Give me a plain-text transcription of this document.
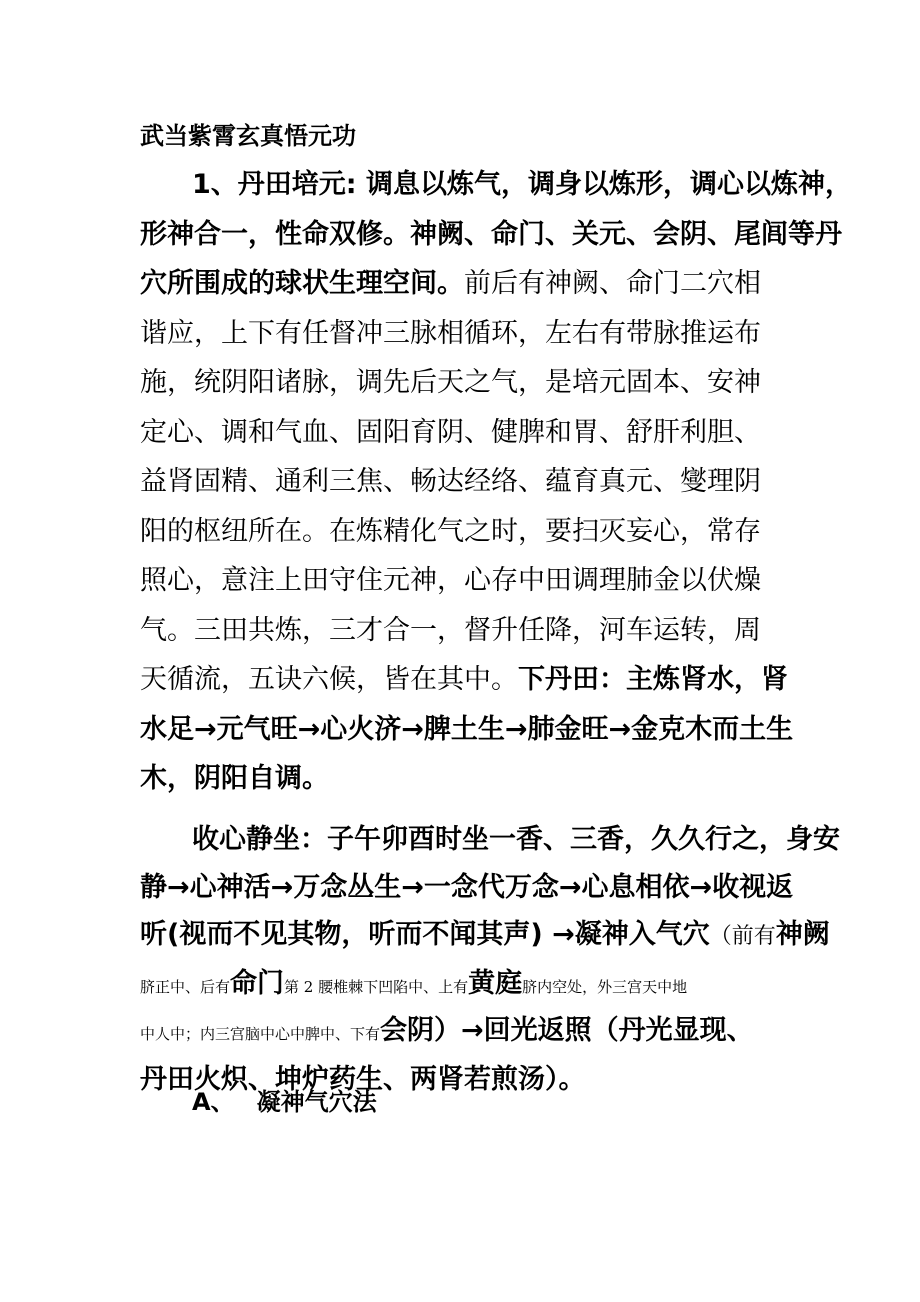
武当紫霄玄真悟元功
1、丹田培元: 调息以炼气，调身以炼形，调心以炼神，
形神合一，性命双修。神阙、命门、关元、会阴、尾闾等丹
穴所围成的球状生理空间。前后有神阙、命门二穴相
谐应，上下有任督冲三脉相循环，左右有带脉推运布
施，统阴阳诸脉，调先后天之气，是培元固本、安神
定心、调和气血、固阳育阴、健脾和胃、舒肝利胆、
益肾固精、通利三焦、畅达经络、蕴育真元、燮理阴
阳的枢纽所在。在炼精化气之时，要扫灭妄心，常存
照心，意注上田守住元神，心存中田调理肺金以伏燥
气。三田共炼，三才合一，督升任降，河车运转，周
天循流，五诀六候，皆在其中。下丹田：主炼肾水，肾
水足→元气旺→心火济→脾土生→肺金旺→金克木而土生
木，阴阳自调。
收心静坐：子午卯酉时坐一香、三香，久久行之，身安
静→心神活→万念丛生→一念代万念→心息相依→收视返
听(视而不见其物，听而不闻其声) →凝神入气穴（前有神阙
脐正中、后有命门第 2 腰椎棘下凹陷中、上有黄庭脐内空处，外三宫天中地
中人中；内三宫脑中心中脾中、下有会阴）→回光返照（丹光显现、
丹田火炽、坤炉药生、两肾若煎汤）。
A、 凝神气穴法
